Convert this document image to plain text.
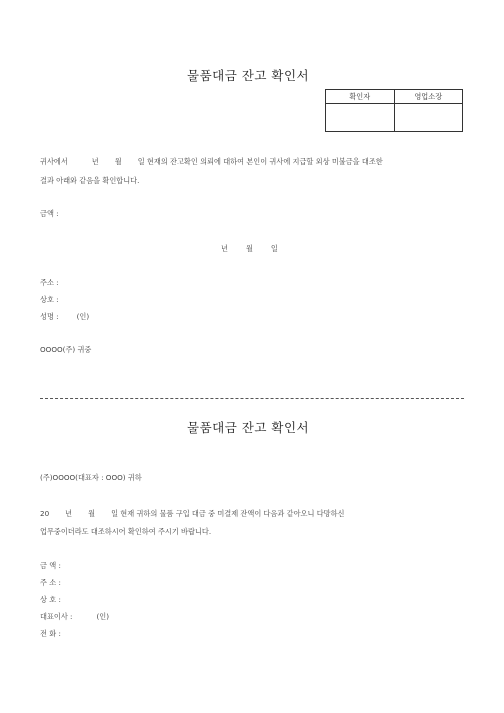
물품대금 잔고 확인서
확인자	영업소장

귀사에서	년 월 일 현재의 잔고확인 의뢰에 대하여 본인이 귀사에 지급할 외상 미불금을 대조한
결과 아래와 같음을 확인합니다.
금액 :
년	월	일
주소 :
상호 :
성명 :	(인)
OOOO(주) 귀중
물품대금 잔고 확인서
(주)OOOO(대표자 : OOO) 귀하
20 년 월 일 현재 귀하의 물품 구입 대금 중 미결제 잔액이 다음과 같아오니 다망하신
업무중이더라도 대조하시어 확인하여 주시기 바랍니다.
금 액 :
주 소 :
상 호 :
대표이사 :	(인)
전 화 :
